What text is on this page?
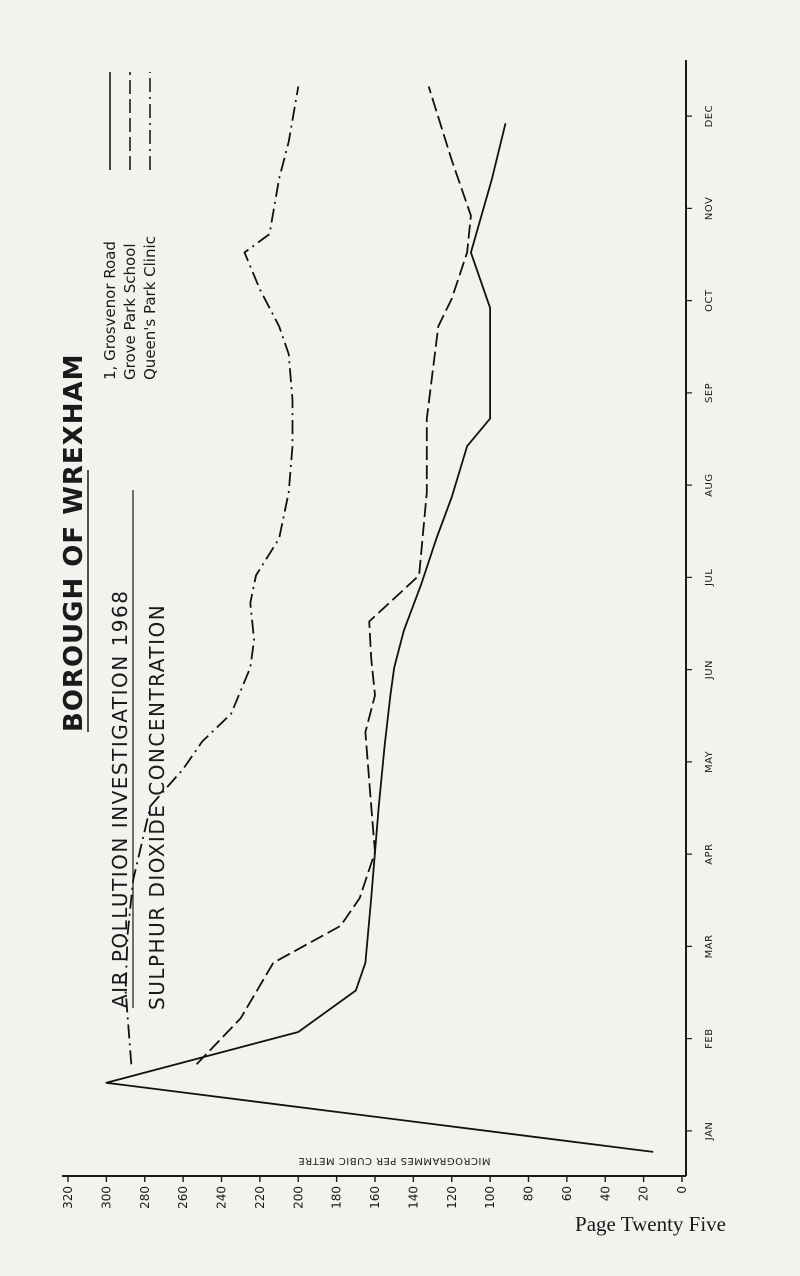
320 300 280 260 240 220 200 180 160 140 120 100 80 60 40 20 0
MICROGRAMMES PER CUBIC METRE
JAN
FEB
MAR
APR
MAY
JUN
JUL
AUG
SEP
OCT
NOV
DEC
BOROUGH OF WREXHAM
AIR POLLUTION INVESTIGATION 1968 SULPHUR DIOXIDE CONCENTRATION
1, Grosvenor Road Grove Park School Queen's Park Clinic
Page Twenty Five
